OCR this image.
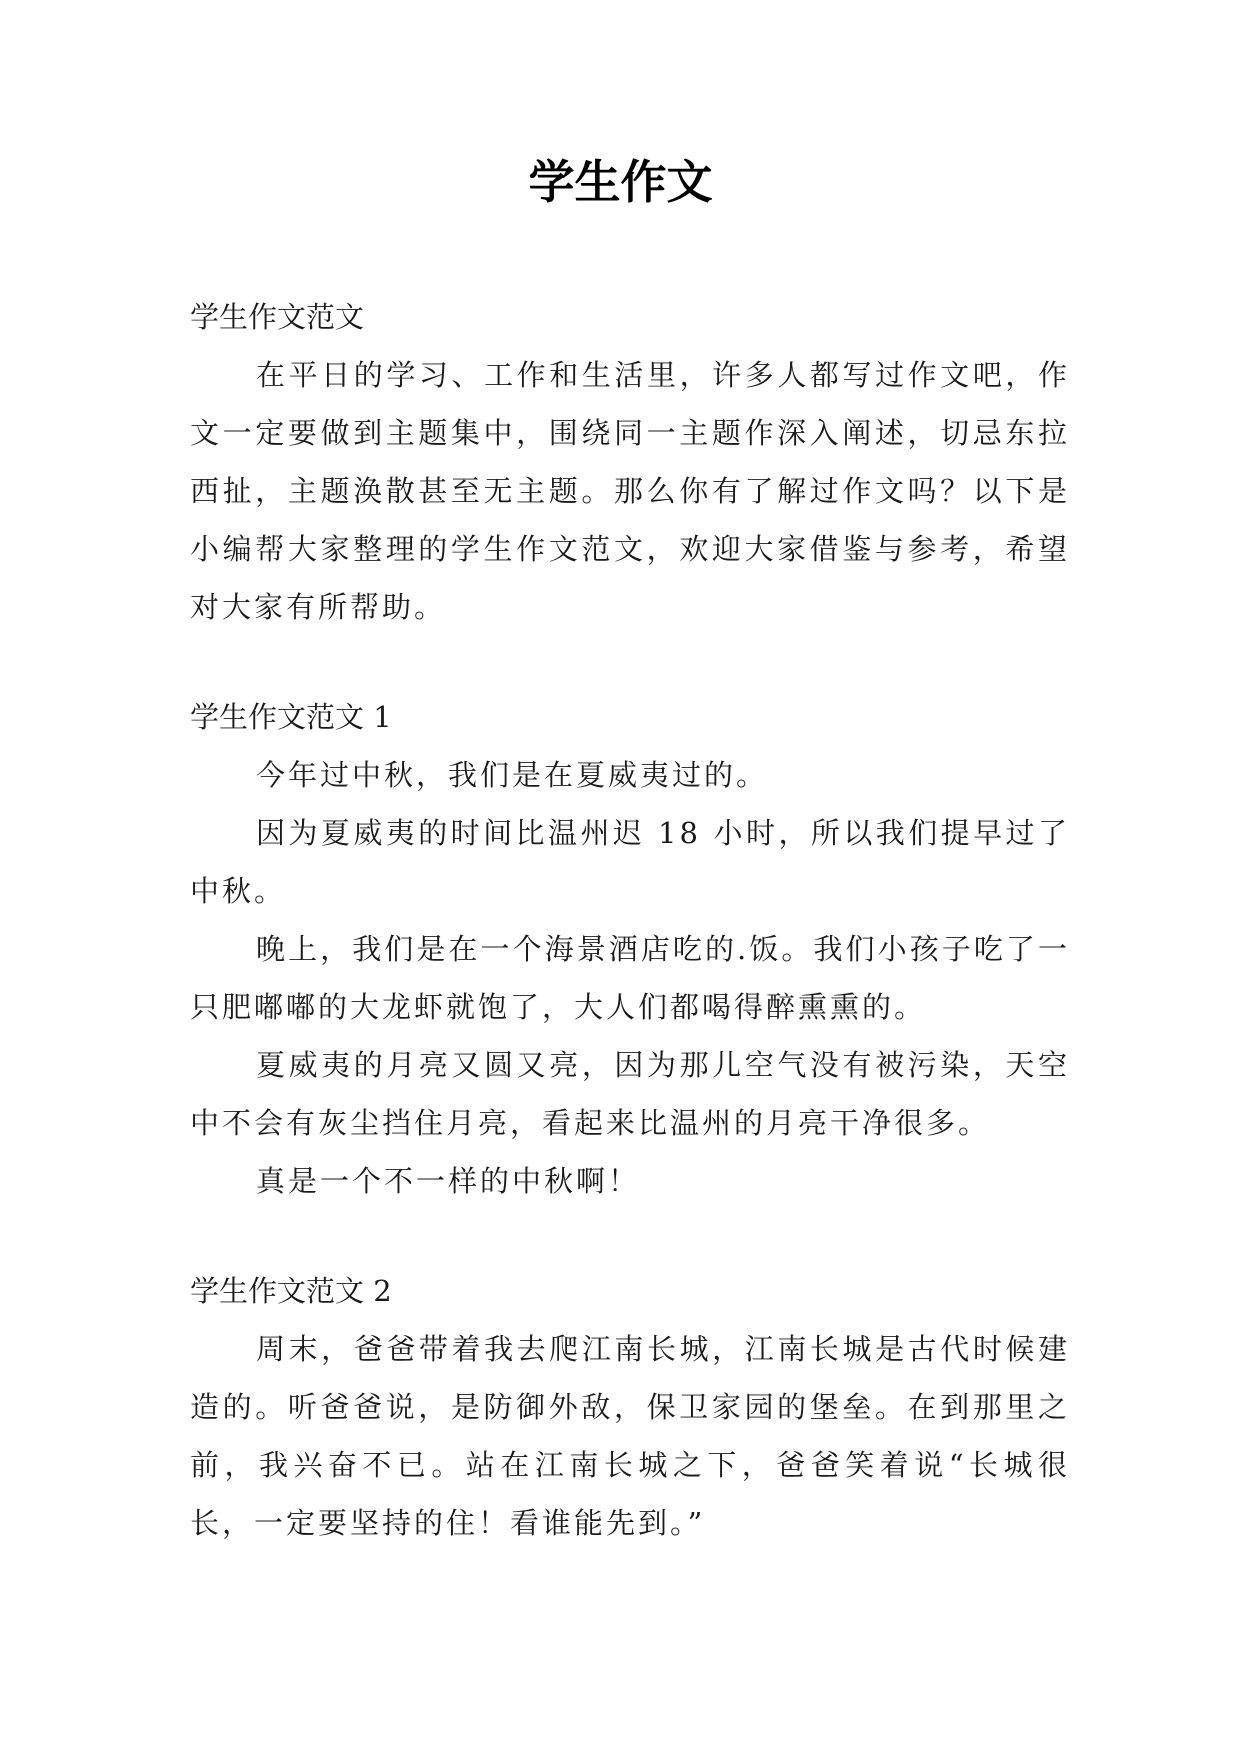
学生作文

学生作文范文

在平日的学习、工作和生活里，许多人都写过作文吧，作文一定要做到主题集中，围绕同一主题作深入阐述，切忌东拉西扯，主题涣散甚至无主题。那么你有了解过作文吗？以下是小编帮大家整理的学生作文范文，欢迎大家借鉴与参考，希望对大家有所帮助。

学生作文范文 1

今年过中秋，我们是在夏威夷过的。

因为夏威夷的时间比温州迟 18 小时，所以我们提早过了中秋。

晚上，我们是在一个海景酒店吃的.饭。我们小孩子吃了一只肥嘟嘟的大龙虾就饱了，大人们都喝得醉熏熏的。

夏威夷的月亮又圆又亮，因为那儿空气没有被污染，天空中不会有灰尘挡住月亮，看起来比温州的月亮干净很多。

真是一个不一样的中秋啊！

学生作文范文 2

周末，爸爸带着我去爬江南长城，江南长城是古代时候建造的。听爸爸说，是防御外敌，保卫家园的堡垒。在到那里之前，我兴奋不已。站在江南长城之下，爸爸笑着说“长城很长，一定要坚持的住！看谁能先到。”
